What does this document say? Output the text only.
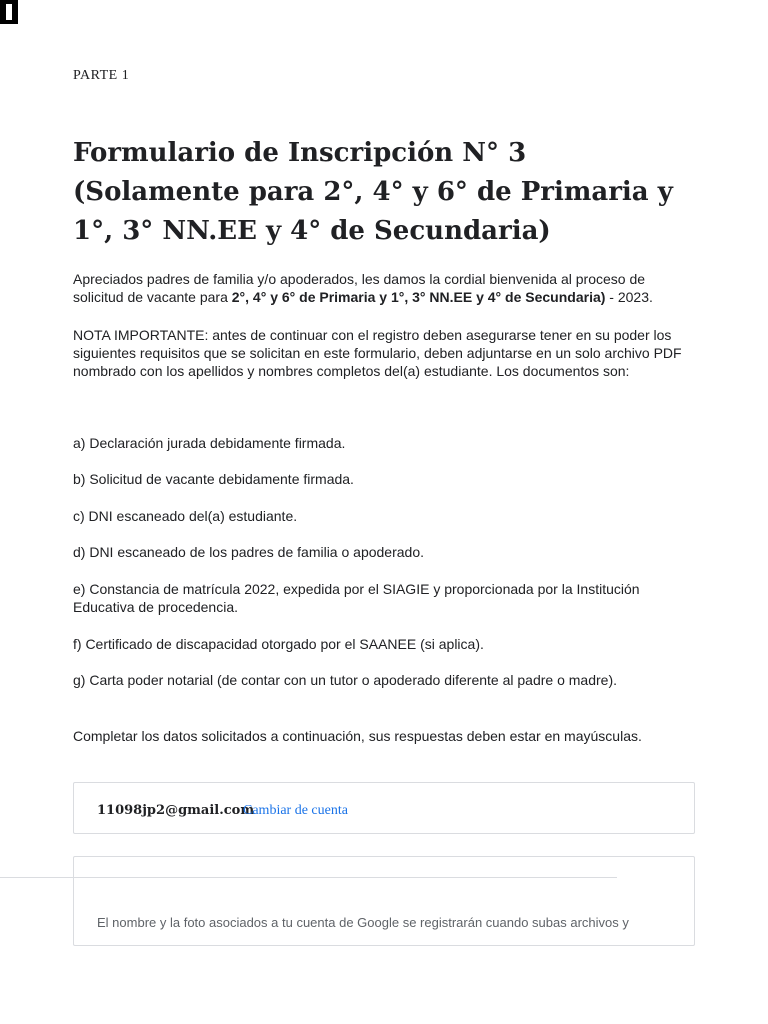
PARTE 1
Formulario de Inscripción N° 3 (Solamente para 2°, 4° y 6° de Primaria y 1°, 3° NN.EE y 4° de Secundaria)

Apreciados padres de familia y/o apoderados, les damos la cordial bienvenida al proceso de solicitud de vacante para 2°, 4° y 6° de Primaria y 1°, 3° NN.EE y 4° de Secundaria) - 2023.

NOTA IMPORTANTE: antes de continuar con el registro deben asegurarse tener en su poder los siguientes requisitos que se solicitan en este formulario, deben adjuntarse en un solo archivo PDF nombrado con los apellidos y nombres completos del(a) estudiante. Los documentos son:

a) Declaración jurada debidamente firmada.

b) Solicitud de vacante debidamente firmada.

c) DNI escaneado del(a) estudiante.

d) DNI escaneado de los padres de familia o apoderado.

e) Constancia de matrícula 2022, expedida por el SIAGIE y proporcionada por la Institución Educativa de procedencia.

f) Certificado de discapacidad otorgado por el SAANEE (si aplica).

g) Carta poder notarial (de contar con un tutor o apoderado diferente al padre o madre).

Completar los datos solicitados a continuación, sus respuestas deben estar en mayúsculas.

11098jp2@gmail.com
Cambiar de cuenta
El nombre y la foto asociados a tu cuenta de Google se registrarán cuando subas archivos y
